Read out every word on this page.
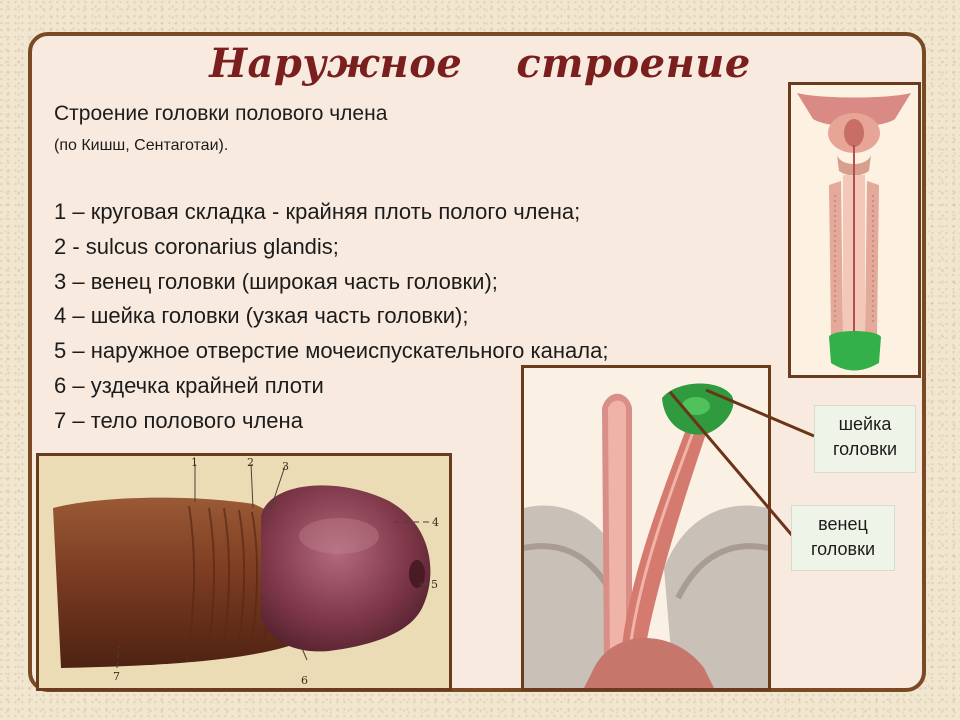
Наружное строение
Строение головки полового члена
(по Кишш, Сентаготаи).
1 – круговая складка - крайняя плоть полого члена;
2 - sulcus coronarius glandis;
3 – венец головки (широкая часть головки);
4 – шейка головки (узкая часть головки);
5 – наружное отверстие мочеиспускательного канала;
6 – уздечка крайней плоти
7 – тело полового члена
1	2	3
4
5
6
7
шейка
головки
венец
головки
